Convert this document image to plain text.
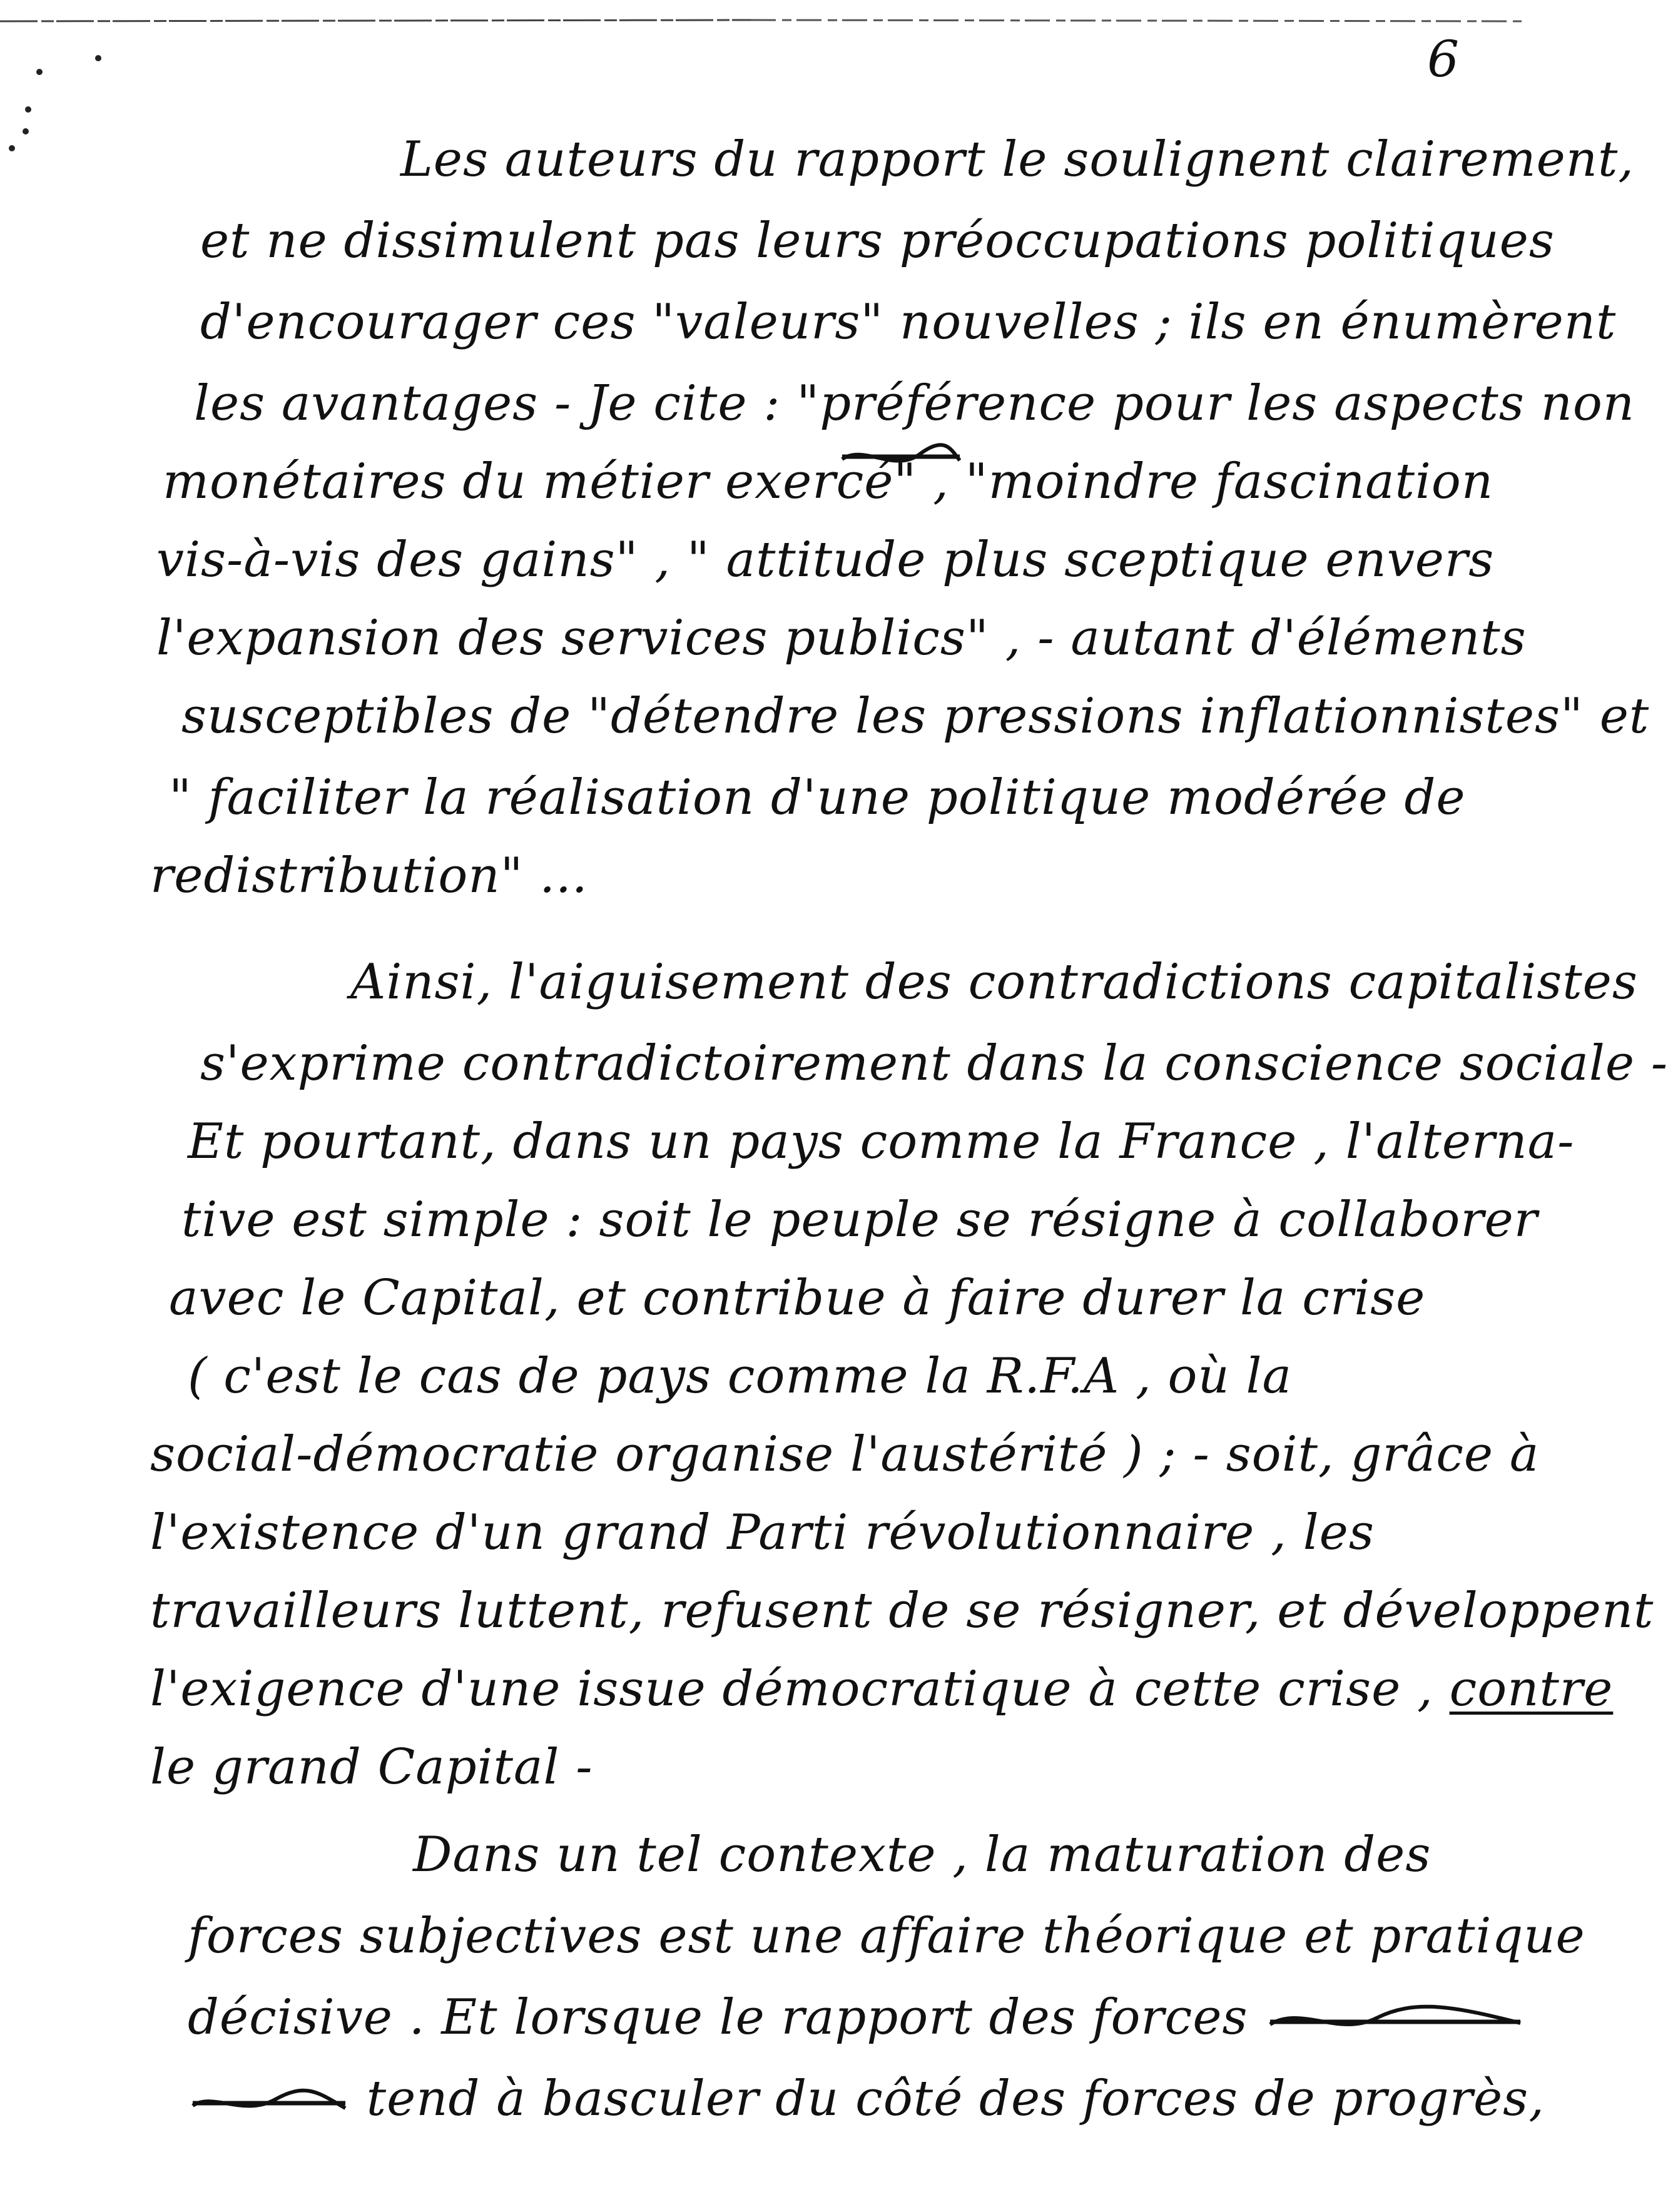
6
Les auteurs du rapport le soulignent clairement,
et ne dissimulent pas leurs préoccupations politiques
d'encourager ces "valeurs" nouvelles ; ils en énumèrent
les avantages - Je cite : "préférence pour les aspects non
monétaires du métier exercé" , "moindre fascination
vis-à-vis des gains" , " attitude plus sceptique envers
l'expansion des services publics" , - autant d'éléments
susceptibles de "détendre les pressions inflationnistes" et
" faciliter la réalisation d'une politique modérée de
redistribution" ...
Ainsi, l'aiguisement des contradictions capitalistes
s'exprime contradictoirement dans la conscience sociale -
Et pourtant, dans un pays comme la France , l'alterna-
tive est simple : soit le peuple se résigne à collaborer
avec le Capital, et contribue à faire durer la crise
( c'est le cas de pays comme la R.F.A , où la
social-démocratie organise l'austérité ) ; - soit, grâce à
l'existence d'un grand Parti révolutionnaire , les
travailleurs luttent, refusent de se résigner, et développent
l'exigence d'une issue démocratique à cette crise , contre
le grand Capital -
Dans un tel contexte , la maturation des
forces subjectives est une affaire théorique et pratique
décisive . Et lorsque le rapport des forces
tend à basculer du côté des forces de progrès,
